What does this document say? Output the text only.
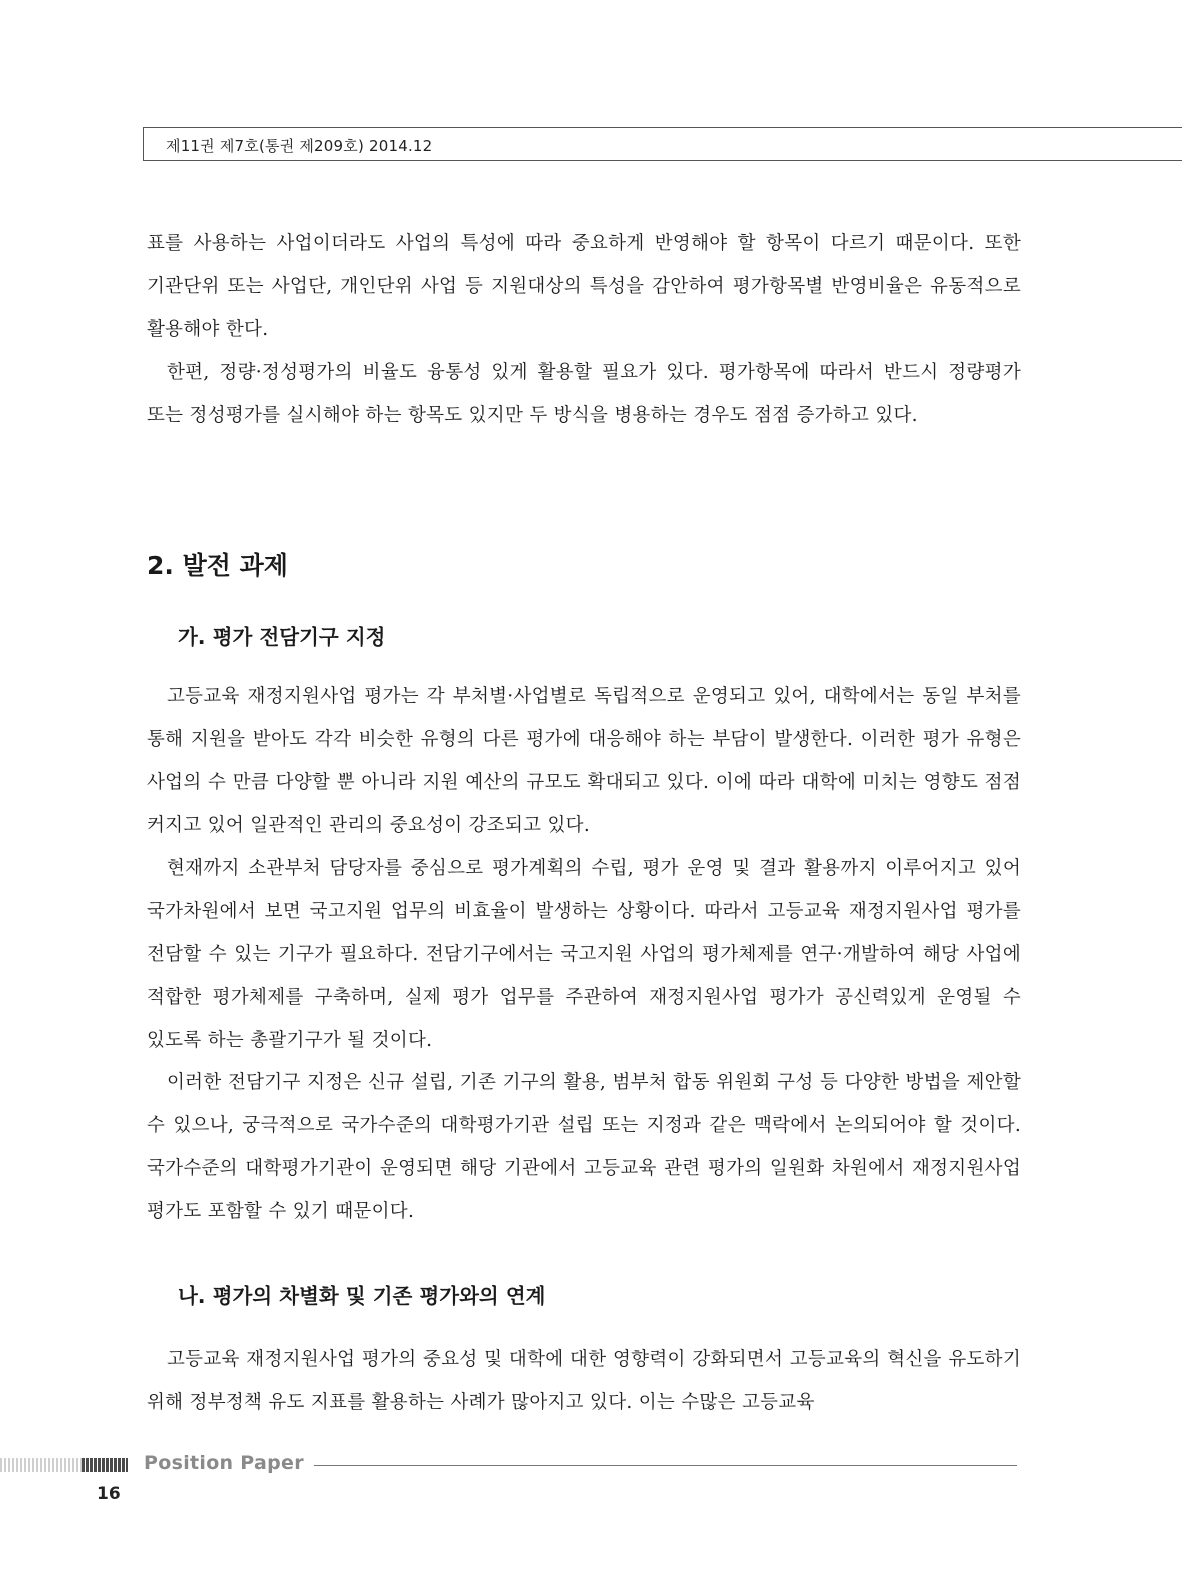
제11권 제7호(통권 제209호) 2014.12

표를 사용하는 사업이더라도 사업의 특성에 따라 중요하게 반영해야 할 항목이 다르기 때문이다. 또한 기관단위 또는 사업단, 개인단위 사업 등 지원대상의 특성을 감안하여 평가항목별 반영비율은 유동적으로 활용해야 한다.

한편, 정량·정성평가의 비율도 융통성 있게 활용할 필요가 있다. 평가항목에 따라서 반드시 정량평가 또는 정성평가를 실시해야 하는 항목도 있지만 두 방식을 병용하는 경우도 점점 증가하고 있다.

2. 발전 과제
가. 평가 전담기구 지정

고등교육 재정지원사업 평가는 각 부처별·사업별로 독립적으로 운영되고 있어, 대학에서는 동일 부처를 통해 지원을 받아도 각각 비슷한 유형의 다른 평가에 대응해야 하는 부담이 발생한다. 이러한 평가 유형은 사업의 수 만큼 다양할 뿐 아니라 지원 예산의 규모도 확대되고 있다. 이에 따라 대학에 미치는 영향도 점점 커지고 있어 일관적인 관리의 중요성이 강조되고 있다.

현재까지 소관부처 담당자를 중심으로 평가계획의 수립, 평가 운영 및 결과 활용까지 이루어지고 있어 국가차원에서 보면 국고지원 업무의 비효율이 발생하는 상황이다. 따라서 고등교육 재정지원사업 평가를 전담할 수 있는 기구가 필요하다. 전담기구에서는 국고지원 사업의 평가체제를 연구·개발하여 해당 사업에 적합한 평가체제를 구축하며, 실제 평가 업무를 주관하여 재정지원사업 평가가 공신력있게 운영될 수 있도록 하는 총괄기구가 될 것이다.

이러한 전담기구 지정은 신규 설립, 기존 기구의 활용, 범부처 합동 위원회 구성 등 다양한 방법을 제안할 수 있으나, 궁극적으로 국가수준의 대학평가기관 설립 또는 지정과 같은 맥락에서 논의되어야 할 것이다. 국가수준의 대학평가기관이 운영되면 해당 기관에서 고등교육 관련 평가의 일원화 차원에서 재정지원사업 평가도 포함할 수 있기 때문이다.

나. 평가의 차별화 및 기존 평가와의 연계

고등교육 재정지원사업 평가의 중요성 및 대학에 대한 영향력이 강화되면서 고등교육의 혁신을 유도하기 위해 정부정책 유도 지표를 활용하는 사례가 많아지고 있다. 이는 수많은 고등교육

Position Paper
16
